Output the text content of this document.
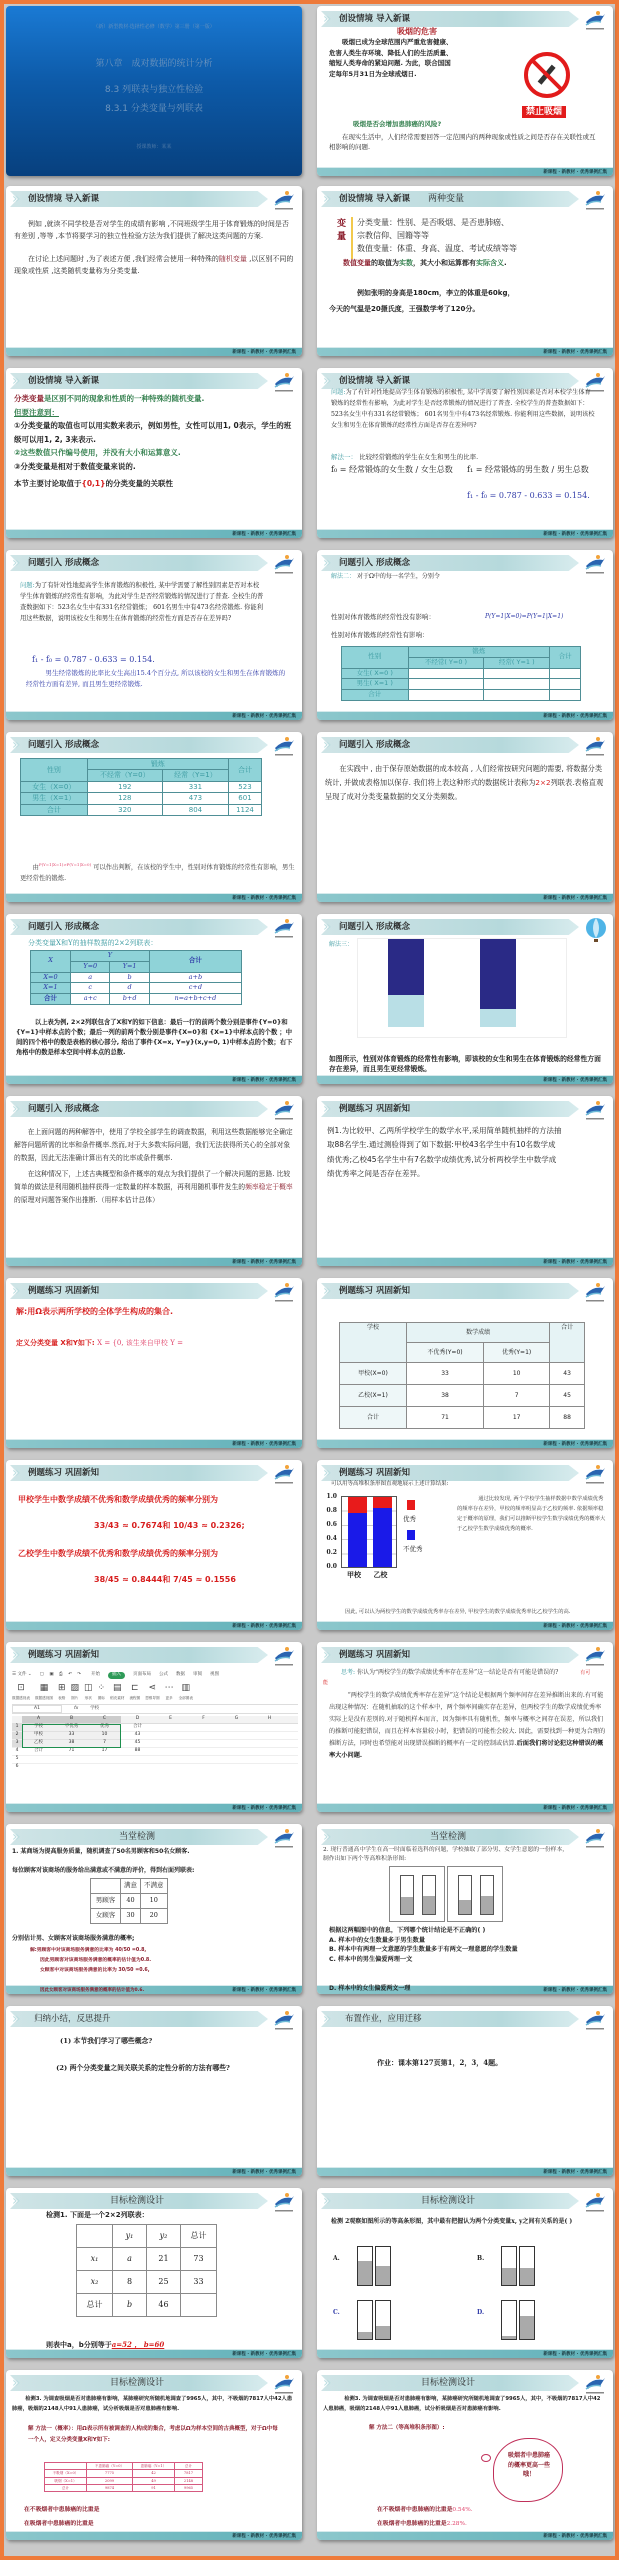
（新）新型教材·选择性必修（数学）第三册（第一版）
第八章　成对数据的统计分析
8.3 列联表与独立性检验
8.3.1 分类变量与列联表
授课教师：某某
»	创设情境 导入新课
吸烟的危害
吸烟已成为全球范围内严重危害健康、
危害人类生存环境、降低人们的生活质量、
缩短人类寿命的紧迫问题. 为此，联合国国
定每年5月31日为全球戒烟日.
禁止吸烟
吸烟是否会增加患肺癌的风险?
在现实生活中，人们经常需要回答一定范围内的两种现象或性质之间是否存在关联性或互相影响的问题.
新课程 · 新教材 · 优秀课例汇集
»	创设情境 导入新课
例如 ,就读不同学校是否对学生的成绩有影响 ,不同班级学生用于体育锻炼的时间是否有差别 ,等等 ,本节将要学习的独立性检验方法为我们提供了解决这类问题的方案.
在讨论上述问题时 ,为了表述方便 ,我们经常会使用一种特殊的随机变量 ,以区别不同的现象或性质 ,这类随机变量称为分类变量.
新课程 · 新教材 · 优秀课例汇集
»	创设情境 导入新课 两种变量
变量
分类变量：性别、是否吸烟、是否患肺癌、
宗教信仰、国籍等等
数值变量：体重、身高、温度、考试成绩等等
数值变量的取值为实数，其大小和运算都有实际含义.
例如张明的身高是180cm，李立的体重是60kg，
今天的气温是20摄氏度，王强数学考了120分。
新课程 · 新教材 · 优秀课例汇集
»	创设情境 导入新课
分类变量是区别不同的现象和性质的一种特殊的随机变量.
但要注意到：
①分类变量的取值也可以用实数来表示，例如男性，女性可以用1, 0表示，学生的班级可以用1, 2, 3来表示.
②这些数值只作编号使用，并没有大小和运算意义.
③分类变量是相对于数值变量来说的.
本节主要讨论取值于{0,1}的分类变量的关联性
新课程 · 新教材 · 优秀课例汇集
»	创设情境 导入新课
问题:为了有针对性地提高学生体育锻炼的积极性, 某中学需要了解性别因素是否对本校学生体育锻炼的经常性有影响，为此对学生是否经常锻炼的情况进行了普查. 全校学生的普查数据如下：523名女生中有331名经常锻炼； 601名男生中有473名经常锻炼. 你能利用这些数据，说明该校女生和男生在体育锻炼的经常性方面是否存在差异吗?
解法一： 比较经常锻炼的学生在女生和男生的比率.
f₀ = 经常锻炼的女生数 / 女生总数 f₁ = 经常锻炼的男生数 / 男生总数
f₁ - f₀ = 0.787 - 0.633 = 0.154.
新课程 · 新教材 · 优秀课例汇集
»	问题引入 形成概念
问题:为了有针对性地提高学生体育锻炼的积极性, 某中学需要了解性别因素是否对本校学生体育锻炼的经常性有影响，为此对学生是否经常锻炼的情况进行了普查. 全校生的普查数据如下：523名女生中有331名经常锻炼； 601名男生中有473名经常锻炼. 你能利用这些数据，说明该校女生和男生在体育锻炼的经常性方面是否存在差异吗?
f₁ - f₀ = 0.787 - 0.633 = 0.154.
男生经常锻炼的比率比女生高出15.4个百分点, 所以该校的女生和男生在体育锻炼的经常性方面有差异, 而且男生更经常锻炼.
新课程 · 新教材 · 优秀课例汇集
»	问题引入 形成概念
解法二： 对于Ω中的每一名学生，分别令
性别对体育锻炼的经常性没有影响：	P(Y=1|X=0)=P(Y=1|X=1)
性别对体育锻炼的经常性有影响：
性别	锻炼		合计
	不经常( Y=0 )	经常( Y=1 )	
女生( X=0 )			
男生( X=1 )			
合计			
新课程 · 新教材 · 优秀课例汇集
»	问题引入 形成概念
性别	锻炼		合计
	不经常（Y=0）	经常（Y=1）	
女生（X=0）	192	331	523
男生（X=1）	128	473	601
合计	320	804	1124
由$^{P(Y=1|X=1)>P(Y=1|X=0)}$ 可以作出判断，在该校的学生中，性别对体育锻炼的经常性有影响，男生更经常性的锻炼.
新课程 · 新教材 · 优秀课例汇集
»	问题引入 形成概念
在实践中 , 由于保存原始数据的成本较高 , 人们经常按研究问题的需要, 将数据分类统计, 并做成表格加以保存. 我们将上表这种形式的数据统计表称为2×2列联表.表格直观呈现了成对分类变量数据的交叉分类频数。
新课程 · 新教材 · 优秀课例汇集
»	问题引入 形成概念
分类变量X和Y的抽样数据的2×2列联表：
X	Y		合计
	Y=0	Y=1	
X=0	a	b	a+b
X=1	c	d	c+d
合计	a+c	b+d	n=a+b+c+d
以上表为例, 2×2列联包含了X和Y的如下信息：最后一行的前两个数分别是事件{Y=0}和{Y=1}中样本点的个数；最后一列的前两个数分别是事件{X=0}和 {X=1}中样本点的个数 ；中间的四个格中的数是表格的核心部分, 给出了事件{X=x, Y=y}(x,y=0, 1)中样本点的个数；右下角格中的数是样本空间中样本点的总数.
新课程 · 新教材 · 优秀课例汇集
»	问题引入 形成概念
解法三：
如图所示，性别对体育锻炼的经常性有影响，即该校的女生和男生在体育锻炼的经常性方面存在差异，而且男生更经常锻炼。
新课程 · 新教材 · 优秀课例汇集
»	问题引入 形成概念
在上面问题的两种解答中，使用了学校全部学生的调查数据，利用这些数据能够完全确定解答问题所需的比率和条件概率.然而,对于大多数实际问题，我们无法获得所关心的全部对象的数据，因此无法准确计算出有关的比率或条件概率.
在这种情况下，上述古典概型和条件概率的观点为我们提供了一个解决问题的思路. 比较简单的做法是利用随机抽样获得一定数量的样本数据，再利用随机事件发生的频率稳定于概率的原理对问题答案作出推断.（用样本估计总体）
新课程 · 新教材 · 优秀课例汇集
»	例题练习 巩固新知
例1.为比较甲、乙两所学校学生的数学水平,采用简单随机抽样的方法抽取88名学生.通过测验得到了如下数据:甲校43名学生中有10名数学成绩优秀;乙校45名学生中有7名数学成绩优秀,试分析两校学生中数学成绩优秀率之间是否存在差异。
新课程 · 新教材 · 优秀课例汇集
»	例题练习 巩固新知
解:用Ω表示两所学校的全体学生构成的集合.
定义分类变量 X和Y如下: X = {0, 该生来自甲校 Y =
新课程 · 新教材 · 优秀课例汇集
»	例题练习 巩固新知
学校	数学成绩		合计
	不优秀(Y=0)	优秀(Y=1)	
甲校(X=0)	33	10	43
乙校(X=1)	38	7	45
合计	71	17	88
新课程 · 新教材 · 优秀课例汇集
»	例题练习 巩固新知
甲校学生中数学成绩不优秀和数学成绩优秀的频率分别为
33/43 ≈ 0.7674和 10/43 ≈ 0.2326;
乙校学生中数学成绩不优秀和数学成绩优秀的频率分别为
38/45 ≈ 0.8444和 7/45 ≈ 0.1556
新课程 · 新教材 · 优秀课例汇集
»	例题练习 巩固新知
可以用等高堆积条形图直观地展示上述计算结果:
1.0
0.8
0.6
0.4
0.2
0.0
甲校 乙校
优秀
不优秀
通过比较发现, 两个学校学生抽样数据中数学成绩优秀的频率存在差异，甲校的频率明显高于乙校的频率. 依据频率稳定于概率的原理，我们可以推断甲校学生数学成绩优秀的概率大于乙校学生数学成绩优秀的概率.
因此, 可以认为两校学生的数学成绩优秀率存在差异, 甲校学生的数学成绩优秀率比乙校学生的高.
新课程 · 新教材 · 优秀课例汇集
»	例题练习 巩固新知
☰ 文件 ⌄ ▢ ▣ ⎙ ↶ ↷ 开始	插入	页面布局 公式 数据 审阅 视图
⊡
数据透视表
▦
数据透视图
⊞
表格
▨
图片
◫
形状
⁘
图标
▤
稻壳素材
⊏
流程图
⋖
思维导图
⋯
更多
▥
全部图表
A1	fx	学校
A	B	C	D	E	F	G	H
1	学校	不优秀	优秀	合计
2	甲校	33	10	43
3	乙校	38	7	45
4	合计	71	17	88
5
6
新课程 · 新教材 · 优秀课例汇集
»	例题练习 巩固新知
思考: 你认为“两校学生的数学成绩优秀率存在差异”这一结论是否有可能是错误的?	有可能
“两校学生的数学成绩优秀率存在差异”这个结论是根据两个频率间存在差异推断出来的.有可能出现这种情况：在随机抽取的这个样本中，两个频率间确实存在差异，但两校学生的数学成绩优秀率实际上是没有差别的.对于随机样本而言，因为频率具有随机性，频率与概率之间存在误差，所以我们的推断可能犯错误，而且在样本容量较小时，犯错误的可能性会较大. 因此，需要找到一种更为合理的推断方法，同时也希望能对出现错误推断的概率有一定的控制或估算.后面我们将讨论犯这种错误的概率大小问题.
新课程 · 新教材 · 优秀课例汇集
»	当堂检测
1. 某商场为提高服务质量，随机调查了50名男顾客和50名女顾客.
每位顾客对该商场的服务给出满意或不满意的评价，得到右面列联表:
	满意	不满意
男顾客	40	10
女顾客	30	20
分别估计男、女顾客对该商场服务满意的概率;
解:男顾客中对该商场服务满意的比率为 40/50 =0.8,
因此男顾客对该商场服务满意的概率的估计值为0.8.
女顾客中对该商场服务满意的比率为 30/50 =0.6,
因此女顾客对该商场服务满意的概率的估计值为0.6.	新课程 · 新教材 · 优秀课例汇集
»	当堂检测
2. 现行普通高中学生在高一时面临着选科的问题，学校抽取了部分男、女学生意愿的一份样本，制作出如下两个等高堆积条形图:
根据这两幅图中的信息，下列哪个统计结论是不正确的( )
A. 样本中的女生数量多于男生数量
B. 样本中有两理一文意愿的学生数量多于有两文一理意愿的学生数量
C. 样本中的男生偏爱两理一文
D. 样本中的女生偏爱两文一理	新课程 · 新教材 · 优秀课例汇集
»	归纳小结，反思提升
(1) 本节我们学习了哪些概念?
(2) 两个分类变量之间关联关系的定性分析的方法有哪些?
新课程 · 新教材 · 优秀课例汇集
»	布置作业，应用迁移
作业：课本第127页第1，2，3，4题。
新课程 · 新教材 · 优秀课例汇集
»	目标检测设计
检测1. 下面是一个2×2列联表：
	y₁	y₂	总计
x₁	a	21	73
x₂	8	25	33
总计	b	46	
则表中a，b分别等于a=52 ， b=60
新课程 · 新教材 · 优秀课例汇集
»	目标检测设计
检测 2观察如图所示的等高条形图，其中最有把握认为两个分类变量x, y之间有关系的是( )
A.	B.
C.	D.
新课程 · 新教材 · 优秀课例汇集
»	目标检测设计
检测3. 为调查吸烟是否对患肺癌有影响，某肺癌研究所随机地调查了9965人，其中，不吸烟的7817人中42人患肺癌，吸烟的2148人中91人患肺癌，试分析吸烟是否对患肺癌有影响.
解 方法一（概率）：用Ω表示所有被调查的人构成的集合，考虑以Ω为样本空间的古典概型，对于Ω中每一个人，定义分类变量X和Y如下:
	不患肺癌（Y=0）	患肺癌（Y=1）	总计
不吸烟（X=0）	7775	42	7817
吸烟（X=1）	2099	49	2148
总计	9874	91	9965
在不吸烟者中患肺癌的比重是
在吸烟者中患肺癌的比重是
新课程 · 新教材 · 优秀课例汇集
»	目标检测设计
检测3. 为调查吸烟是否对患肺癌有影响，某肺癌研究所随机地调查了9965人，其中，不吸烟的7817人中42人患肺癌，吸烟的2148人中91人患肺癌，试分析吸烟是否对患肺癌有影响.
解 方法二（等高堆积条形图）:
吸烟者中患肺癌的概率更高一些哦！
在不吸烟者中患肺癌的比重是0.54%.
在吸烟者中患肺癌的比重是2.28%.
新课程 · 新教材 · 优秀课例汇集
